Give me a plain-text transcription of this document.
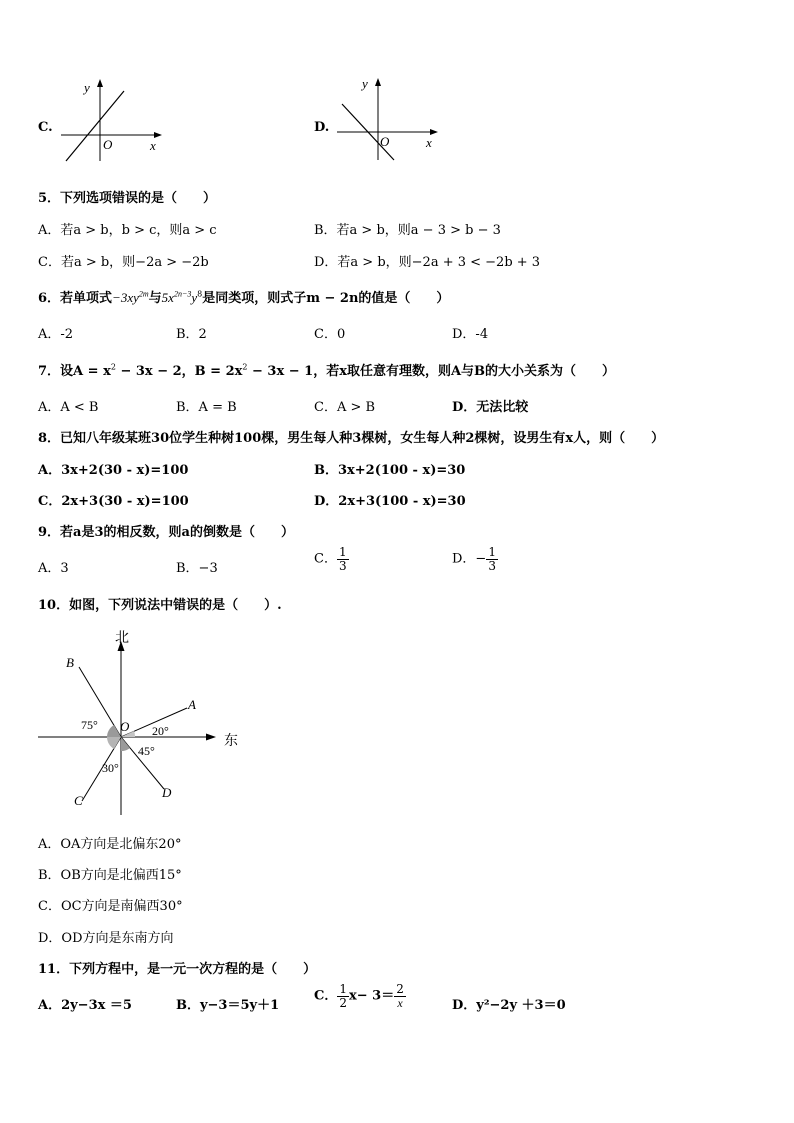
C.
y
x
O
D.
y
x
O
5．下列选项错误的是（　　）
A．若a > b，b > c，则a > c	B．若a > b，则a − 3 > b − 3
C．若a > b，则−2a > −2b	D．若a > b，则−2a + 3 < −2b + 3
6．若单项式$-3xy^{2m}$与$5x^{2n-3}y^8$是同类项，则式子m − 2n的值是（　　）
A．-2	B．2	C．0	D．-4
7．设$A = x^2 - 3x - 2$，$B = 2x^2 - 3x - 1$，若x取任意有理数，则A与B的大小关系为（　　）
A．A < B	B．A = B	C．A > B	D．无法比较
8．已知八年级某班30位学生种树100棵，男生每人种3棵树，女生每人种2棵树，设男生有x人，则（　　）
A．3x+2(30 - x)=100	B．3x+2(100 - x)=30
C．2x+3(30 - x)=100	D．2x+3(100 - x)=30
9．若a是3的相反数，则a的倒数是（　　）
A．3	B．−3
C． $\frac{1}{3}$	D．− $\frac{1}{3}$
10．如图，下列说法中错误的是（　　）.
北
东
A
B
C
D
O
75°	20°
45°
30°
A．OA方向是北偏东20°
B．OB方向是北偏西15°
C．OC方向是南偏西30°
D．OD方向是东南方向
11．下列方程中，是一元一次方程的是（　　）
A．2y−3x ＝5	B．y−3＝5y＋1
C． $\frac{1}{2} x- 3= \frac{2}{x}$	D．y²−2y ＋3＝0
